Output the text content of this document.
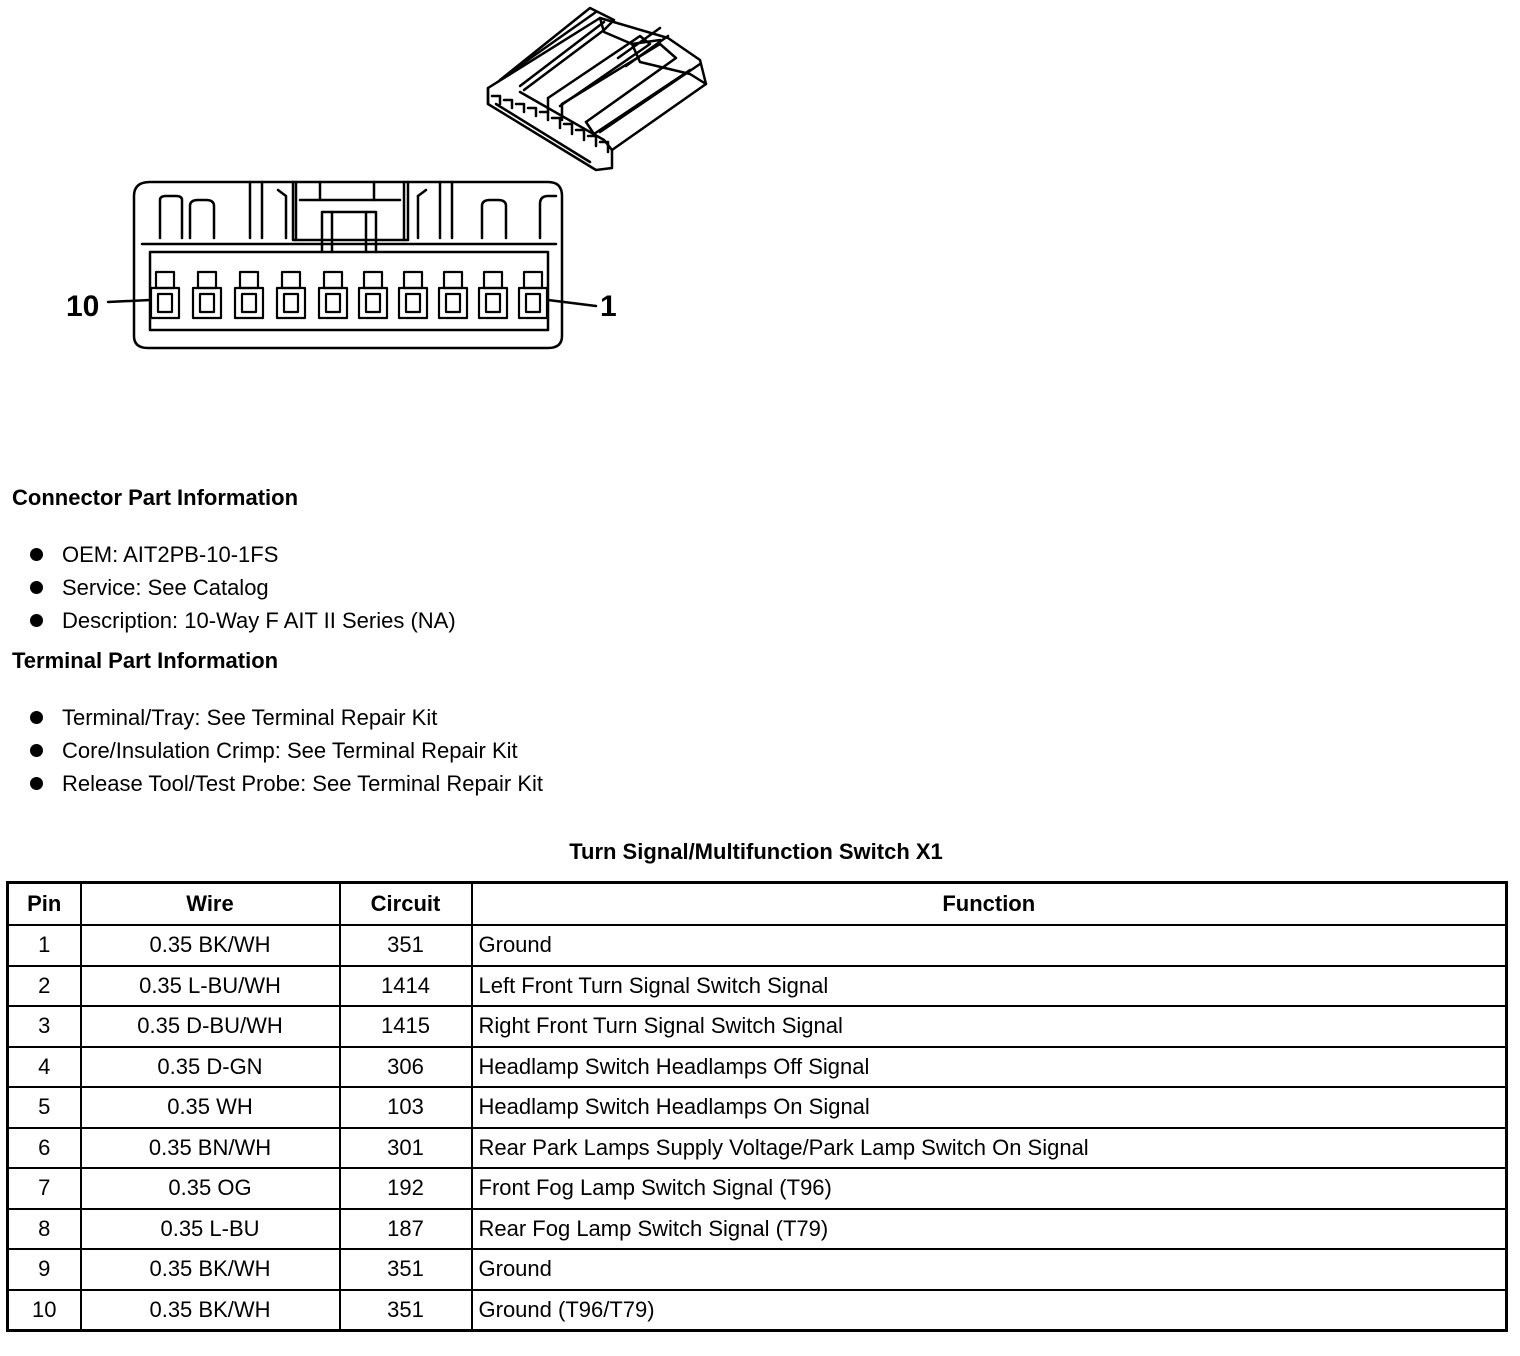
10	1
Connector Part Information
OEM: AIT2PB-10-1FS
Service: See Catalog
Description: 10-Way F AIT II Series (NA)
Terminal Part Information
Terminal/Tray: See Terminal Repair Kit
Core/Insulation Crimp: See Terminal Repair Kit
Release Tool/Test Probe: See Terminal Repair Kit
Turn Signal/Multifunction Switch X1
Pin	Wire	Circuit	Function
1	0.35 BK/WH	351	Ground
2	0.35 L-BU/WH	1414	Left Front Turn Signal Switch Signal
3	0.35 D-BU/WH	1415	Right Front Turn Signal Switch Signal
4	0.35 D-GN	306	Headlamp Switch Headlamps Off Signal
5	0.35 WH	103	Headlamp Switch Headlamps On Signal
6	0.35 BN/WH	301	Rear Park Lamps Supply Voltage/Park Lamp Switch On Signal
7	0.35 OG	192	Front Fog Lamp Switch Signal (T96)
8	0.35 L-BU	187	Rear Fog Lamp Switch Signal (T79)
9	0.35 BK/WH	351	Ground
10	0.35 BK/WH	351	Ground (T96/T79)
